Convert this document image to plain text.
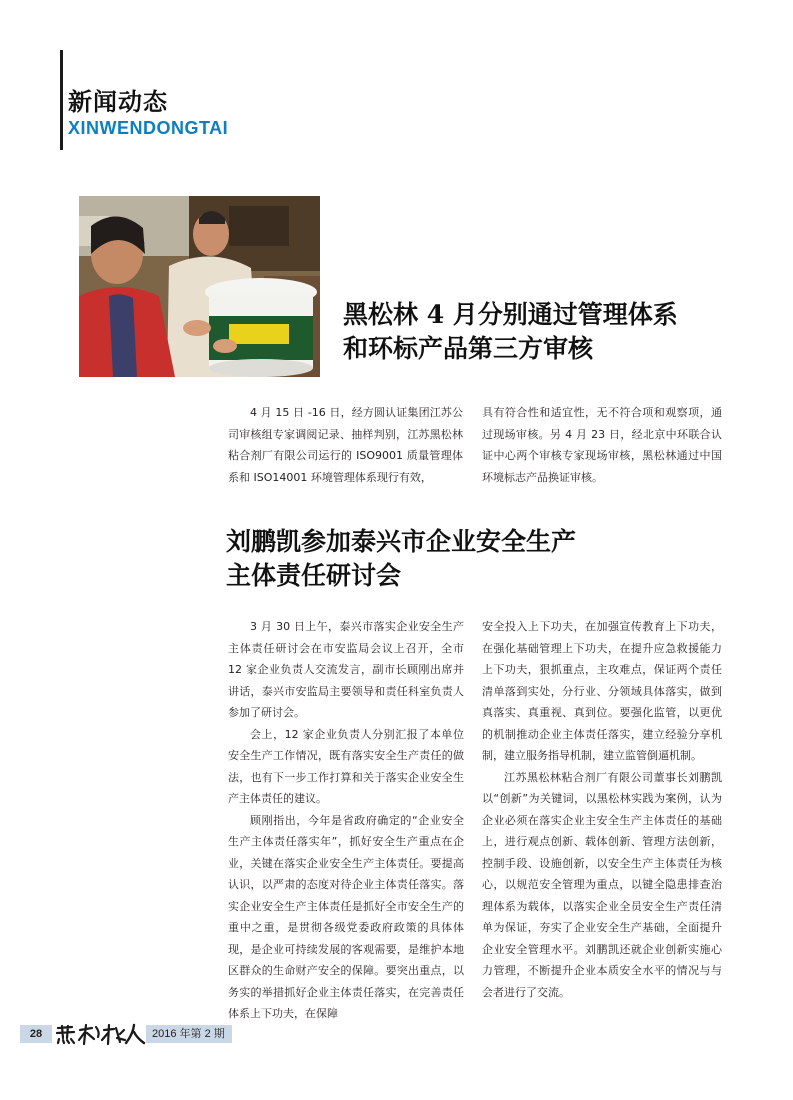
新闻动态
XINWENDONGTAI
黑松林 4 月分别通过管理体系
和环标产品第三方审核

4 月 15 日 -16 日，经方圆认证集团江苏公司审核组专家调阅记录、抽样判别，江苏黑松林粘合剂厂有限公司运行的 ISO9001 质量管理体系和 ISO14001 环境管理体系现行有效，

具有符合性和适宜性，无不符合项和观察项，通过现场审核。另 4 月 23 日，经北京中环联合认证中心两个审核专家现场审核，黑松林通过中国环境标志产品换证审核。

刘鹏凯参加泰兴市企业安全生产
主体责任研讨会

3 月 30 日上午，泰兴市落实企业安全生产主体责任研讨会在市安监局会议上召开，全市 12 家企业负责人交流发言，副市长顾刚出席并讲话，泰兴市安监局主要领导和责任科室负责人参加了研讨会。

会上，12 家企业负责人分别汇报了本单位安全生产工作情况，既有落实安全生产责任的做法，也有下一步工作打算和关于落实企业安全生产主体责任的建议。

顾刚指出，今年是省政府确定的“企业安全生产主体责任落实年”，抓好安全生产重点在企业，关键在落实企业安全生产主体责任。要提高认识，以严肃的态度对待企业主体责任落实。落实企业安全生产主体责任是抓好全市安全生产的重中之重，是贯彻各级党委政府政策的具体体现，是企业可持续发展的客观需要，是维护本地区群众的生命财产安全的保障。要突出重点，以务实的举措抓好企业主体责任落实，在完善责任体系上下功夫，在保障

安全投入上下功夫，在加强宣传教育上下功夫，在强化基础管理上下功夫，在提升应急救援能力上下功夫，狠抓重点，主攻难点，保证两个责任清单落到实处，分行业、分领域具体落实，做到真落实、真重视、真到位。要强化监管，以更优的机制推动企业主体责任落实，建立经验分享机制，建立服务指导机制，建立监管倒逼机制。

江苏黑松林粘合剂厂有限公司董事长刘鹏凯以“创新”为关键词，以黑松林实践为案例，认为企业必须在落实企业主安全生产主体责任的基础上，进行观点创新、载体创新、管理方法创新，控制手段、设施创新，以安全生产主体责任为核心，以规范安全管理为重点，以键全隐患排查治理体系为载体，以落实企业全员安全生产责任清单为保证，夯实了企业安全生产基础，全面提升企业安全管理水平。刘鹏凯还就企业创新实施心力管理，不断提升企业本质安全水平的情况与与会者进行了交流。

28	2016 年第 2 期
